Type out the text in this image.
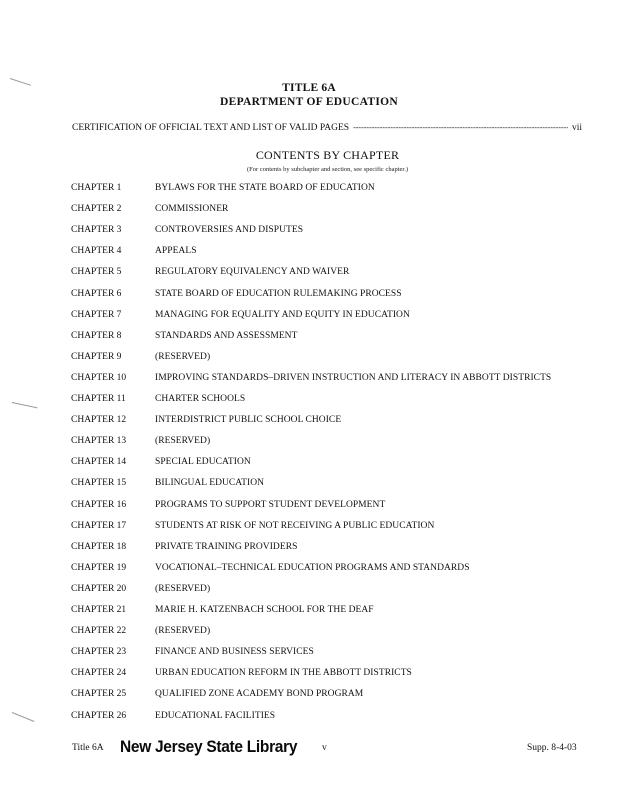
TITLE 6A
DEPARTMENT OF EDUCATION
CERTIFICATION OF OFFICIAL TEXT AND LIST OF VALID PAGES
-----	vii
CONTENTS BY CHAPTER
(For contents by subchapter and section, see specific chapter.)
CHAPTER 1	BYLAWS FOR THE STATE BOARD OF EDUCATION
CHAPTER 2	COMMISSIONER
CHAPTER 3	CONTROVERSIES AND DISPUTES
CHAPTER 4	APPEALS
CHAPTER 5	REGULATORY EQUIVALENCY AND WAIVER
CHAPTER 6	STATE BOARD OF EDUCATION RULEMAKING PROCESS
CHAPTER 7	MANAGING FOR EQUALITY AND EQUITY IN EDUCATION
CHAPTER 8	STANDARDS AND ASSESSMENT
CHAPTER 9	(RESERVED)
CHAPTER 10	IMPROVING STANDARDS–DRIVEN INSTRUCTION AND LITERACY IN ABBOTT DISTRICTS
CHAPTER 11	CHARTER SCHOOLS
CHAPTER 12	INTERDISTRICT PUBLIC SCHOOL CHOICE
CHAPTER 13	(RESERVED)
CHAPTER 14	SPECIAL EDUCATION
CHAPTER 15	BILINGUAL EDUCATION
CHAPTER 16	PROGRAMS TO SUPPORT STUDENT DEVELOPMENT
CHAPTER 17	STUDENTS AT RISK OF NOT RECEIVING A PUBLIC EDUCATION
CHAPTER 18	PRIVATE TRAINING PROVIDERS
CHAPTER 19	VOCATIONAL–TECHNICAL EDUCATION PROGRAMS AND STANDARDS
CHAPTER 20	(RESERVED)
CHAPTER 21	MARIE H. KATZENBACH SCHOOL FOR THE DEAF
CHAPTER 22	(RESERVED)
CHAPTER 23	FINANCE AND BUSINESS SERVICES
CHAPTER 24	URBAN EDUCATION REFORM IN THE ABBOTT DISTRICTS
CHAPTER 25	QUALIFIED ZONE ACADEMY BOND PROGRAM
CHAPTER 26	EDUCATIONAL FACILITIES
Title 6A New Jersey State Library	v	Supp. 8-4-03
